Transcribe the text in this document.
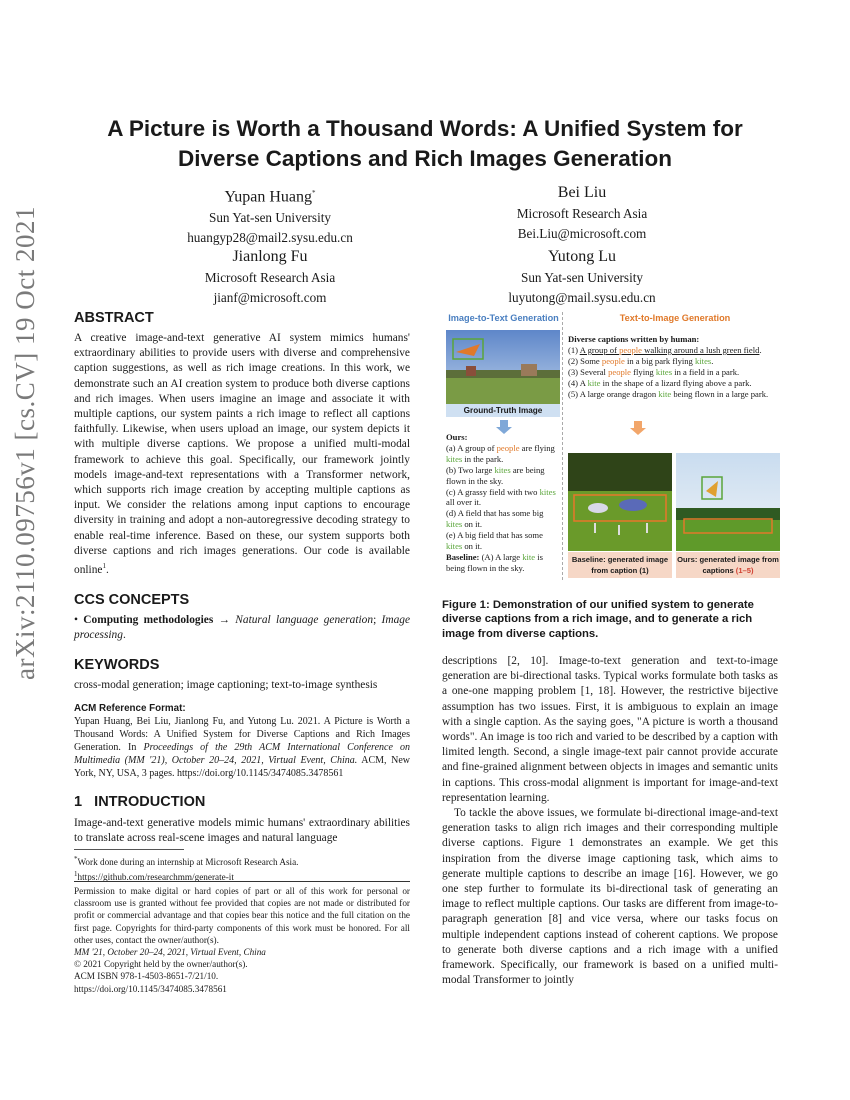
arXiv:2110.09756v1 [cs.CV] 19 Oct 2021
A Picture is Worth a Thousand Words: A Unified System for
Diverse Captions and Rich Images Generation
Yupan Huang*
Sun Yat-sen University
huangyp28@mail2.sysu.edu.cn
Bei Liu
Microsoft Research Asia
Bei.Liu@microsoft.com
Jianlong Fu
Microsoft Research Asia
jianf@microsoft.com
Yutong Lu
Sun Yat-sen University
luyutong@mail.sysu.edu.cn
ABSTRACT
A creative image-and-text generative AI system mimics humans' extraordinary abilities to provide users with diverse and comprehensive caption suggestions, as well as rich image creations. In this work, we demonstrate such an AI creation system to produce both diverse captions and rich images. When users imagine an image and associate it with multiple captions, our system paints a rich image to reflect all captions faithfully. Likewise, when users upload an image, our system depicts it with multiple diverse captions. We propose a unified multi-modal framework to achieve this goal. Specifically, our framework jointly models image-and-text representations with a Transformer network, which supports rich image creation by accepting multiple captions as input. We consider the relations among input captions to encourage diversity in training and adopt a non-autoregressive decoding strategy to enable real-time inference. Based on these, our system supports both diverse captions and rich images generations. Our code is available online$^1$.
CCS CONCEPTS
• Computing methodologies → Natural language generation; Image processing.
KEYWORDS
cross-modal generation; image captioning; text-to-image synthesis
ACM Reference Format:
Yupan Huang, Bei Liu, Jianlong Fu, and Yutong Lu. 2021. A Picture is Worth a Thousand Words: A Unified System for Diverse Captions and Rich Images Generation. In Proceedings of the 29th ACM International Conference on Multimedia (MM '21), October 20–24, 2021, Virtual Event, China. ACM, New York, NY, USA, 3 pages. https://doi.org/10.1145/3474085.3478561
1 INTRODUCTION
Image-and-text generative models mimic humans' extraordinary abilities to translate across real-scene images and natural language
*Work done during an internship at Microsoft Research Asia.
$^1$https://github.com/researchmm/generate-it
Permission to make digital or hard copies of part or all of this work for personal or classroom use is granted without fee provided that copies are not made or distributed for profit or commercial advantage and that copies bear this notice and the full citation on the first page. Copyrights for third-party components of this work must be honored. For all other uses, contact the owner/author(s).
MM '21, October 20–24, 2021, Virtual Event, China
© 2021 Copyright held by the owner/author(s).
ACM ISBN 978-1-4503-8651-7/21/10.
https://doi.org/10.1145/3474085.3478561
Image-to-Text Generation	Text-to-Image Generation
Ground-Truth Image
Ours:
(a) A group of people are flying kites in the park.
(b) Two large kites are being flown in the sky.
(c) A grassy field with two kites all over it.
(d) A field that has some big kites on it.
(e) A big field that has some kites on it.
Baseline: (A) A large kite is being flown in the sky.
Diverse captions written by human:
(1) A group of people walking around a lush green field.
(2) Some people in a big park flying kites.
(3) Several people flying kites in a field in a park.
(4) A kite in the shape of a lizard flying above a park.
(5) A large orange dragon kite being flown in a large park.
Baseline: generated image from caption (1)
Ours: generated image from captions (1–5)
Figure 1: Demonstration of our unified system to generate diverse captions from a rich image, and to generate a rich image from diverse captions.
descriptions [2, 10]. Image-to-text generation and text-to-image generation are bi-directional tasks. Typical works formulate both tasks as a one-one mapping problem [1, 18]. However, the restrictive bijective assumption has two issues. First, it is ambiguous to explain an image with a single caption. As the saying goes, "A picture is worth a thousand words". An image is too rich and varied to be described by a caption with limited length. Second, a single image-text pair cannot provide accurate and fine-grained alignment between objects in images and semantic units in captions. This cross-modal alignment is important for image-and-text representation learning.
To tackle the above issues, we formulate bi-directional image-and-text generation tasks to align rich images and their corresponding multiple diverse captions. Figure 1 demonstrates an example. We get this inspiration from the diverse image captioning task, which aims to generate multiple captions to describe an image [16]. However, we go one step further to formulate its bi-directional task of generating an image to reflect multiple captions. Our tasks are different from image-to-paragraph generation [8] and vice versa, where our tasks focus on multiple independent captions instead of coherent captions. We propose to generate both diverse captions and a rich image with a unified framework. Specifically, our framework is based on a unified multi-modal Transformer to jointly
